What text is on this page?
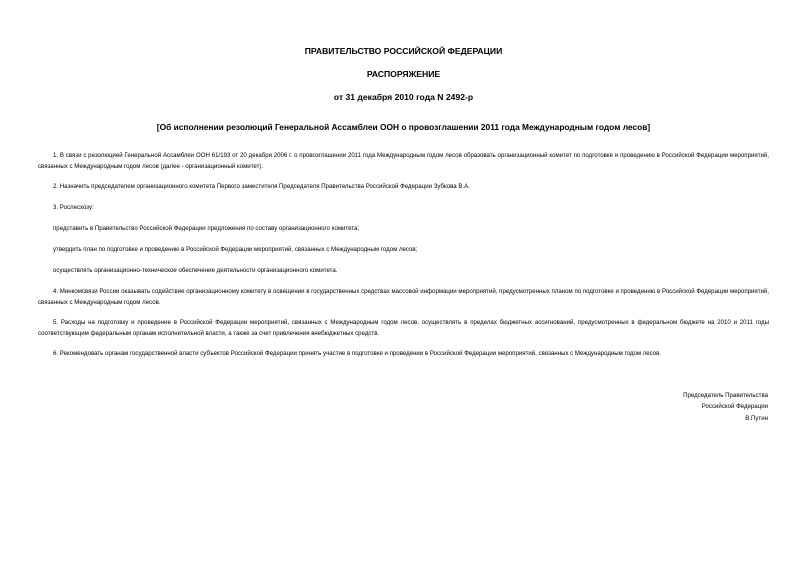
ПРАВИТЕЛЬСТВО РОССИЙСКОЙ ФЕДЕРАЦИИ
РАСПОРЯЖЕНИЕ
от 31 декабря 2010 года N 2492-р
[Об исполнении резолюций Генеральной Ассамблеи ООН о провозглашении 2011 года Международным годом лесов]

1. В связи с резолюцией Генеральной Ассамблеи ООН 61/193 от 20 декабря 2006 г. о провозглашении 2011 года Международным годом лесов образовать организационный комитет по подготовке и проведению в Российской Федерации мероприятий, связанных с Международным годом лесов (далее - организационный комитет).

2. Назначить председателем организационного комитета Первого заместителя Председателя Правительства Российской Федерации Зубкова В.А.

3. Рослесхозу:

представить в Правительство Российской Федерации предложения по составу организационного комитета;

утвердить план по подготовке и проведению в Российской Федерации мероприятий, связанных с Международным годом лесов;

осуществлять организационно-техническое обеспечение деятельности организационного комитета.

4. Минкомсвязи России оказывать содействие организационному комитету в освещении в государственных средствах массовой информации мероприятий, предусмотренных планом по подготовке и проведению в Российской Федерации мероприятий, связанных с Международным годом лесов.

5. Расходы на подготовку и проведение в Российской Федерации мероприятий, связанных с Международным годом лесов, осуществлять в пределах бюджетных ассигнований, предусмотренных в федеральном бюджете на 2010 и 2011 годы соответствующим федеральным органам исполнительной власти, а также за счет привлечения внебюджетных средств.

6. Рекомендовать органам государственной власти субъектов Российской Федерации принять участие в подготовке и проведении в Российской Федерации мероприятий, связанных с Международным годом лесов.

Председатель Правительства
Российской Федерации
В.Путин
